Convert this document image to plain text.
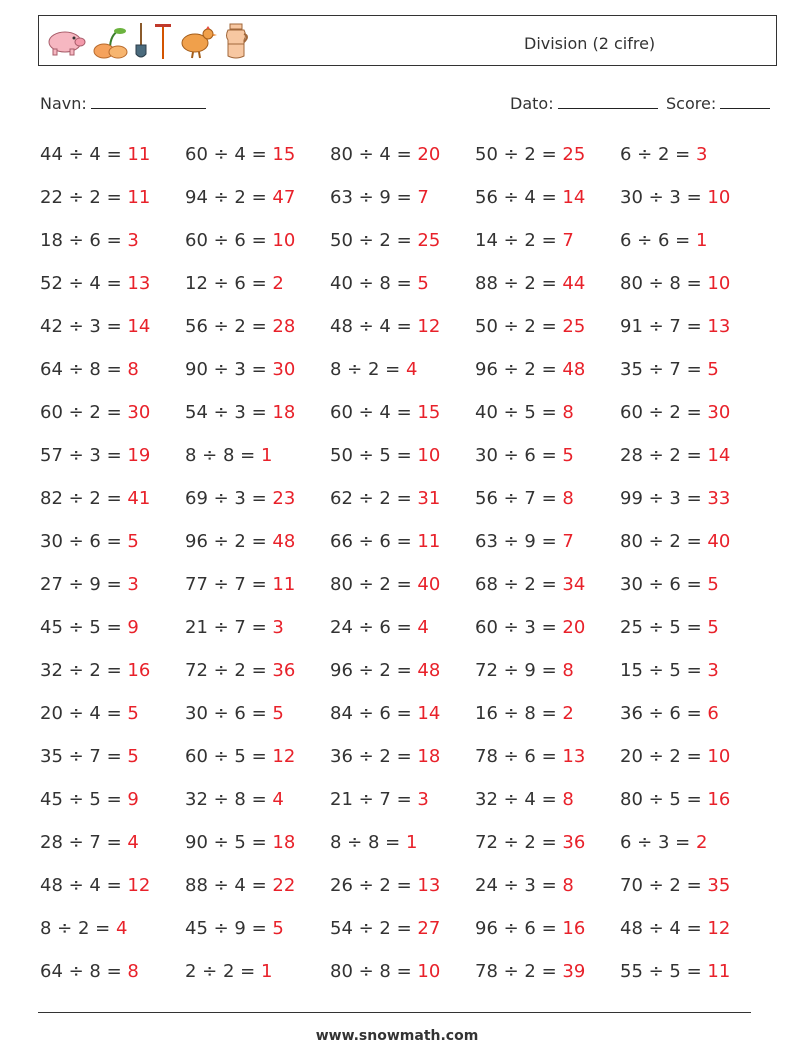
Division (2 cifre)
Navn:	Dato:	Score:
44 ÷ 4 = 11 60 ÷ 4 = 15 80 ÷ 4 = 20 50 ÷ 2 = 25 6 ÷ 2 = 3
22 ÷ 2 = 11 94 ÷ 2 = 47 63 ÷ 9 = 7	56 ÷ 4 = 14 30 ÷ 3 = 10
18 ÷ 6 = 3	60 ÷ 6 = 10 50 ÷ 2 = 25 14 ÷ 2 = 7	6 ÷ 6 = 1
52 ÷ 4 = 13 12 ÷ 6 = 2	40 ÷ 8 = 5	88 ÷ 2 = 44 80 ÷ 8 = 10
42 ÷ 3 = 14 56 ÷ 2 = 28 48 ÷ 4 = 12 50 ÷ 2 = 25 91 ÷ 7 = 13
64 ÷ 8 = 8	90 ÷ 3 = 30 8 ÷ 2 = 4	96 ÷ 2 = 48 35 ÷ 7 = 5
60 ÷ 2 = 30 54 ÷ 3 = 18 60 ÷ 4 = 15 40 ÷ 5 = 8	60 ÷ 2 = 30
57 ÷ 3 = 19 8 ÷ 8 = 1	50 ÷ 5 = 10 30 ÷ 6 = 5	28 ÷ 2 = 14
82 ÷ 2 = 41 69 ÷ 3 = 23 62 ÷ 2 = 31 56 ÷ 7 = 8	99 ÷ 3 = 33
30 ÷ 6 = 5	96 ÷ 2 = 48 66 ÷ 6 = 11 63 ÷ 9 = 7	80 ÷ 2 = 40
27 ÷ 9 = 3	77 ÷ 7 = 11 80 ÷ 2 = 40 68 ÷ 2 = 34 30 ÷ 6 = 5
45 ÷ 5 = 9	21 ÷ 7 = 3	24 ÷ 6 = 4	60 ÷ 3 = 20 25 ÷ 5 = 5
32 ÷ 2 = 16 72 ÷ 2 = 36 96 ÷ 2 = 48 72 ÷ 9 = 8	15 ÷ 5 = 3
20 ÷ 4 = 5	30 ÷ 6 = 5	84 ÷ 6 = 14 16 ÷ 8 = 2	36 ÷ 6 = 6
35 ÷ 7 = 5	60 ÷ 5 = 12 36 ÷ 2 = 18 78 ÷ 6 = 13 20 ÷ 2 = 10
45 ÷ 5 = 9	32 ÷ 8 = 4	21 ÷ 7 = 3	32 ÷ 4 = 8	80 ÷ 5 = 16
28 ÷ 7 = 4	90 ÷ 5 = 18 8 ÷ 8 = 1	72 ÷ 2 = 36 6 ÷ 3 = 2
48 ÷ 4 = 12 88 ÷ 4 = 22 26 ÷ 2 = 13 24 ÷ 3 = 8	70 ÷ 2 = 35
8 ÷ 2 = 4	45 ÷ 9 = 5	54 ÷ 2 = 27 96 ÷ 6 = 16 48 ÷ 4 = 12
64 ÷ 8 = 8	2 ÷ 2 = 1	80 ÷ 8 = 10 78 ÷ 2 = 39 55 ÷ 5 = 11
www.snowmath.com
